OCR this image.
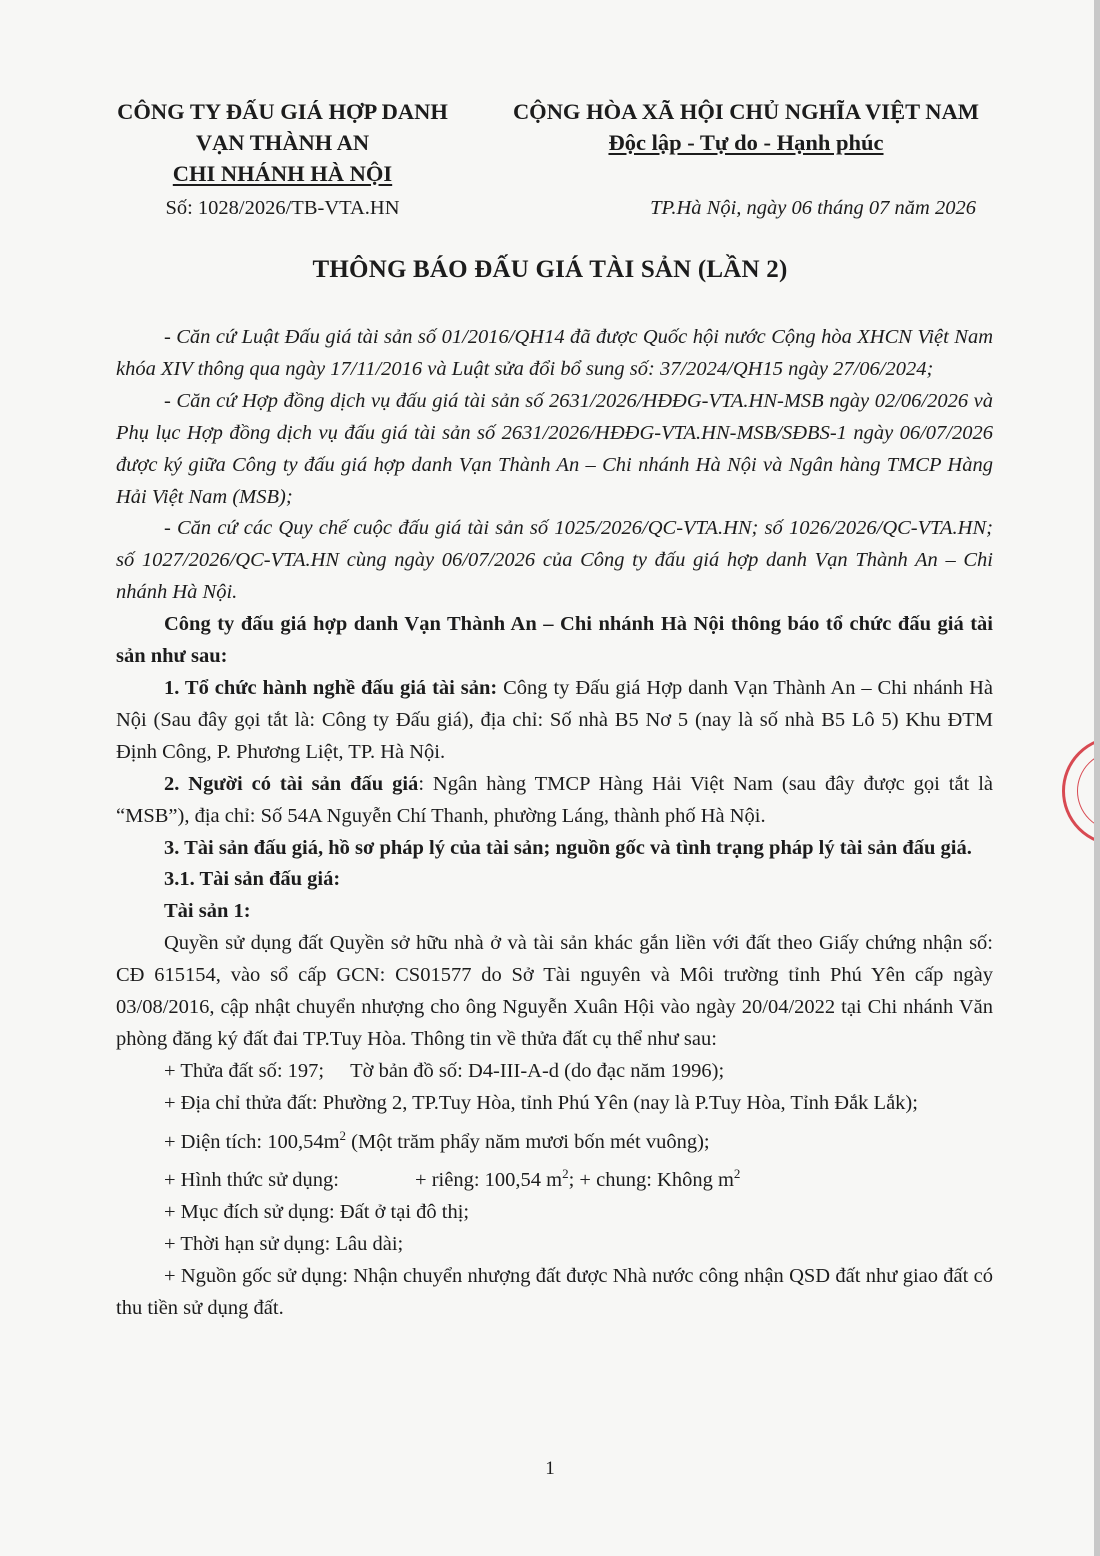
CÔNG TY ĐẤU GIÁ HỢP DANH
VẠN THÀNH AN
CHI NHÁNH HÀ NỘI
Số: 1028/2026/TB-VTA.HN
CỘNG HÒA XÃ HỘI CHỦ NGHĨA VIỆT NAM
Độc lập - Tự do - Hạnh phúc
TP.Hà Nội, ngày 06 tháng 07 năm 2026
THÔNG BÁO ĐẤU GIÁ TÀI SẢN (LẦN 2)

- Căn cứ Luật Đấu giá tài sản số 01/2016/QH14 đã được Quốc hội nước Cộng hòa XHCN Việt Nam khóa XIV thông qua ngày 17/11/2016 và Luật sửa đổi bổ sung số: 37/2024/QH15 ngày 27/06/2024;

- Căn cứ Hợp đồng dịch vụ đấu giá tài sản số 2631/2026/HĐĐG-VTA.HN-MSB ngày 02/06/2026 và Phụ lục Hợp đồng dịch vụ đấu giá tài sản số 2631/2026/HĐĐG-VTA.HN-MSB/SĐBS-1 ngày 06/07/2026 được ký giữa Công ty đấu giá hợp danh Vạn Thành An – Chi nhánh Hà Nội và Ngân hàng TMCP Hàng Hải Việt Nam (MSB);

- Căn cứ các Quy chế cuộc đấu giá tài sản số 1025/2026/QC-VTA.HN; số 1026/2026/QC-VTA.HN; số 1027/2026/QC-VTA.HN cùng ngày 06/07/2026 của Công ty đấu giá hợp danh Vạn Thành An – Chi nhánh Hà Nội.

Công ty đấu giá hợp danh Vạn Thành An – Chi nhánh Hà Nội thông báo tổ chức đấu giá tài sản như sau:

1. Tổ chức hành nghề đấu giá tài sản: Công ty Đấu giá Hợp danh Vạn Thành An – Chi nhánh Hà Nội (Sau đây gọi tắt là: Công ty Đấu giá), địa chỉ: Số nhà B5 Nơ 5 (nay là số nhà B5 Lô 5) Khu ĐTM Định Công, P. Phương Liệt, TP. Hà Nội.

2. Người có tài sản đấu giá: Ngân hàng TMCP Hàng Hải Việt Nam (sau đây được gọi tắt là “MSB”), địa chỉ: Số 54A Nguyễn Chí Thanh, phường Láng, thành phố Hà Nội.

3. Tài sản đấu giá, hồ sơ pháp lý của tài sản; nguồn gốc và tình trạng pháp lý tài sản đấu giá.

3.1. Tài sản đấu giá:

Tài sản 1:

Quyền sử dụng đất Quyền sở hữu nhà ở và tài sản khác gắn liền với đất theo Giấy chứng nhận số: CĐ 615154, vào sổ cấp GCN: CS01577 do Sở Tài nguyên và Môi trường tỉnh Phú Yên cấp ngày 03/08/2016, cập nhật chuyển nhượng cho ông Nguyễn Xuân Hội vào ngày 20/04/2022 tại Chi nhánh Văn phòng đăng ký đất đai TP.Tuy Hòa. Thông tin về thửa đất cụ thể như sau:

+ Thửa đất số: 197; Tờ bản đồ số: D4-III-A-d (do đạc năm 1996);

+ Địa chỉ thửa đất: Phường 2, TP.Tuy Hòa, tỉnh Phú Yên (nay là P.Tuy Hòa, Tỉnh Đắk Lắk);

+ Diện tích: $100,54m^2$ (Một trăm phẩy năm mươi bốn mét vuông);

+ Hình thức sử dụng:	+ riêng: 100,54 $m^2$; + chung: Không $m^2$

+ Mục đích sử dụng: Đất ở tại đô thị;

+ Thời hạn sử dụng: Lâu dài;

+ Nguồn gốc sử dụng: Nhận chuyển nhượng đất được Nhà nước công nhận QSD đất như giao đất có thu tiền sử dụng đất.

1
